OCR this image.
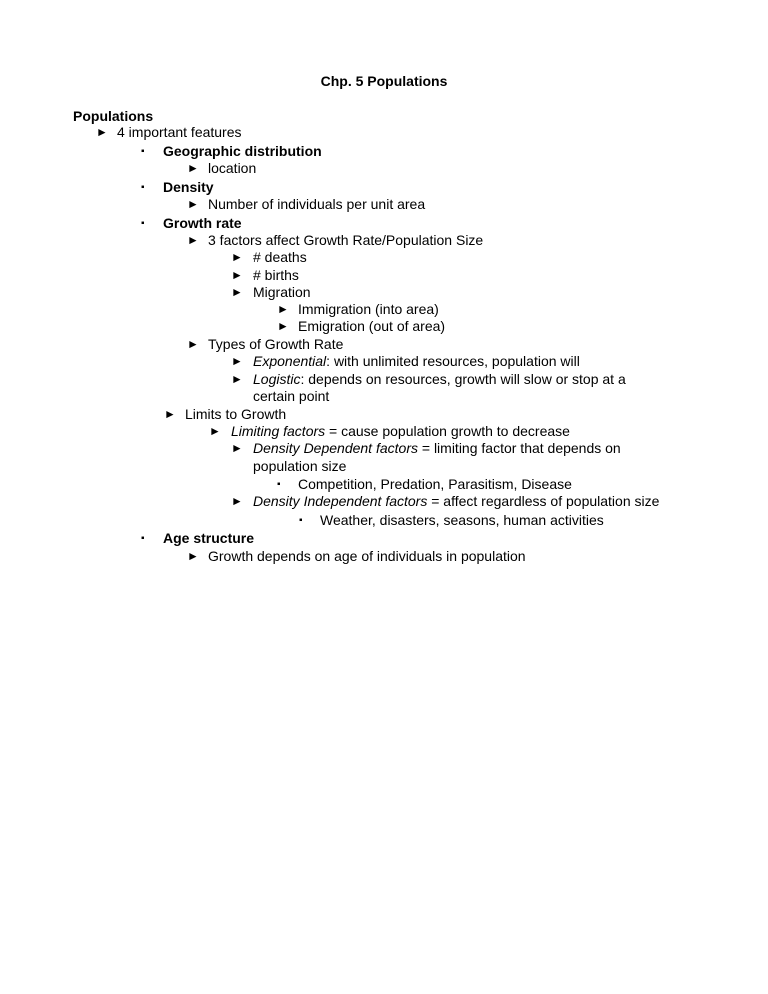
Chp. 5 Populations
Populations
► 4 important features
▪ Geographic distribution
► location
▪ Density
► Number of individuals per unit area
▪ Growth rate
► 3 factors affect Growth Rate/Population Size
► # deaths
► # births
► Migration
► Immigration (into area)
► Emigration (out of area)
► Types of Growth Rate
► Exponential: with unlimited resources, population will
► Logistic: depends on resources, growth will slow or stop at a
certain point
► Limits to Growth
► Limiting factors = cause population growth to decrease
► Density Dependent factors = limiting factor that depends on
population size
▪ Competition, Predation, Parasitism, Disease
► Density Independent factors = affect regardless of population size
▪ Weather, disasters, seasons, human activities
▪ Age structure
► Growth depends on age of individuals in population
